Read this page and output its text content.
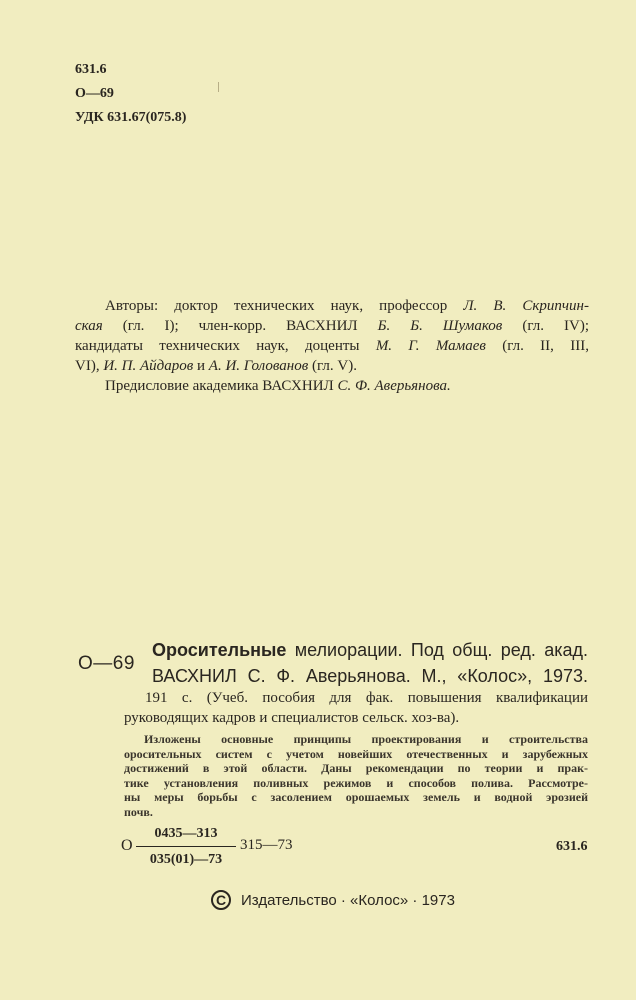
631.6
О—69
УДК 631.67(075.8)
Авторы: доктор технических наук, профессор Л. В. Скрипчин-
ская (гл. I); член-корр. ВАСХНИЛ Б. Б. Шумаков (гл. IV);
кандидаты технических наук, доценты М. Г. Мамаев (гл. II, III,
VI), И. П. Айдаров и А. И. Голованов (гл. V).
Предисловие академика ВАСХНИЛ С. Ф. Аверьянова.
О—69
Оросительные мелиорации. Под общ. ред. акад.
ВАСХНИЛ С. Ф. Аверьянова. М., «Колос», 1973.
191 с. (Учеб. пособия для фак. повышения квалификации
руководящих кадров и специалистов сельск. хоз-ва).
Изложены основные принципы проектирования и строительства
оросительных систем с учетом новейших отечественных и зарубежных
достижений в этой области. Даны рекомендации по теории и прак-
тике установления поливных режимов и способов полива. Рассмотре-
ны меры борьбы с засолением орошаемых земель и водной эрозией
почв.
О
0435—313
035(01)—73
315—73	631.6
C Издательство · «Колос» · 1973
